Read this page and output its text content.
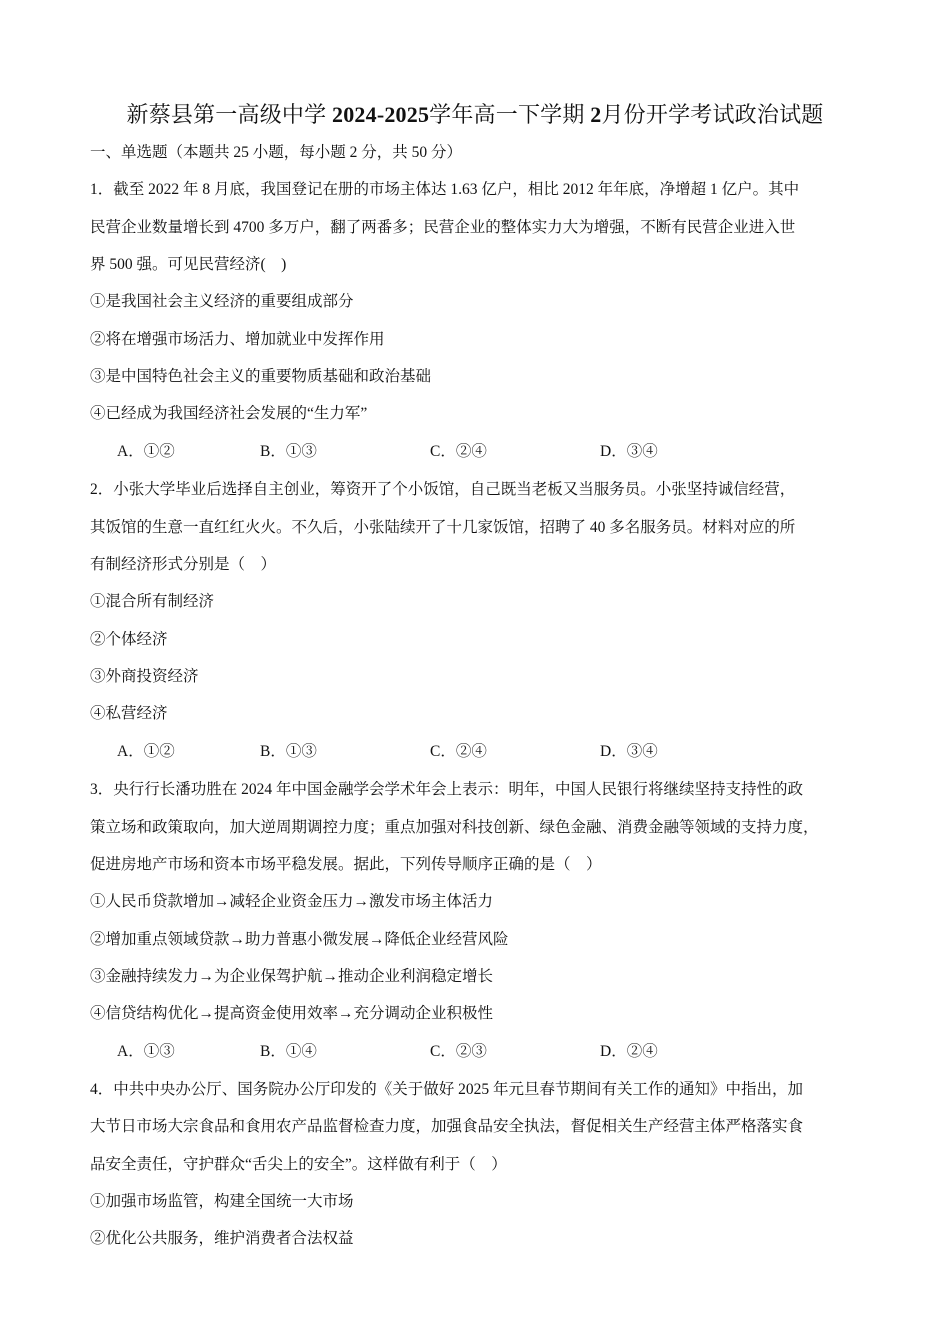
新蔡县第一高级中学 2024-2025学年高一下学期 2月份开学考试政治试题
一、单选题（本题共 25 小题，每小题 2 分，共 50 分）
1．截至 2022 年 8 月底，我国登记在册的市场主体达 1.63 亿户，相比 2012 年年底，净增超 1 亿户。其中
民营企业数量增长到 4700 多万户，翻了两番多；民营企业的整体实力大为增强，不断有民营企业进入世
界 500 强。可见民营经济(　)
①是我国社会主义经济的重要组成部分
②将在增强市场活力、增加就业中发挥作用
③是中国特色社会主义的重要物质基础和政治基础
④已经成为我国经济社会发展的“生力军”
A．①②	B．①③	C．②④	D．③④
2．小张大学毕业后选择自主创业，筹资开了个小饭馆，自己既当老板又当服务员。小张坚持诚信经营，
其饭馆的生意一直红红火火。不久后，小张陆续开了十几家饭馆，招聘了 40 多名服务员。材料对应的所
有制经济形式分别是（　）
①混合所有制经济
②个体经济
③外商投资经济
④私营经济
A．①②	B．①③	C．②④	D．③④
3．央行行长潘功胜在 2024 年中国金融学会学术年会上表示：明年，中国人民银行将继续坚持支持性的政
策立场和政策取向，加大逆周期调控力度；重点加强对科技创新、绿色金融、消费金融等领域的支持力度，
促进房地产市场和资本市场平稳发展。据此，下列传导顺序正确的是（　）
①人民币贷款增加→减轻企业资金压力→激发市场主体活力
②增加重点领域贷款→助力普惠小微发展→降低企业经营风险
③金融持续发力→为企业保驾护航→推动企业利润稳定增长
④信贷结构优化→提高资金使用效率→充分调动企业积极性
A．①③	B．①④	C．②③	D．②④
4．中共中央办公厅、国务院办公厅印发的《关于做好 2025 年元旦春节期间有关工作的通知》中指出，加
大节日市场大宗食品和食用农产品监督检查力度，加强食品安全执法，督促相关生产经营主体严格落实食
品安全责任，守护群众“舌尖上的安全”。这样做有利于（　）
①加强市场监管，构建全国统一大市场
②优化公共服务，维护消费者合法权益
